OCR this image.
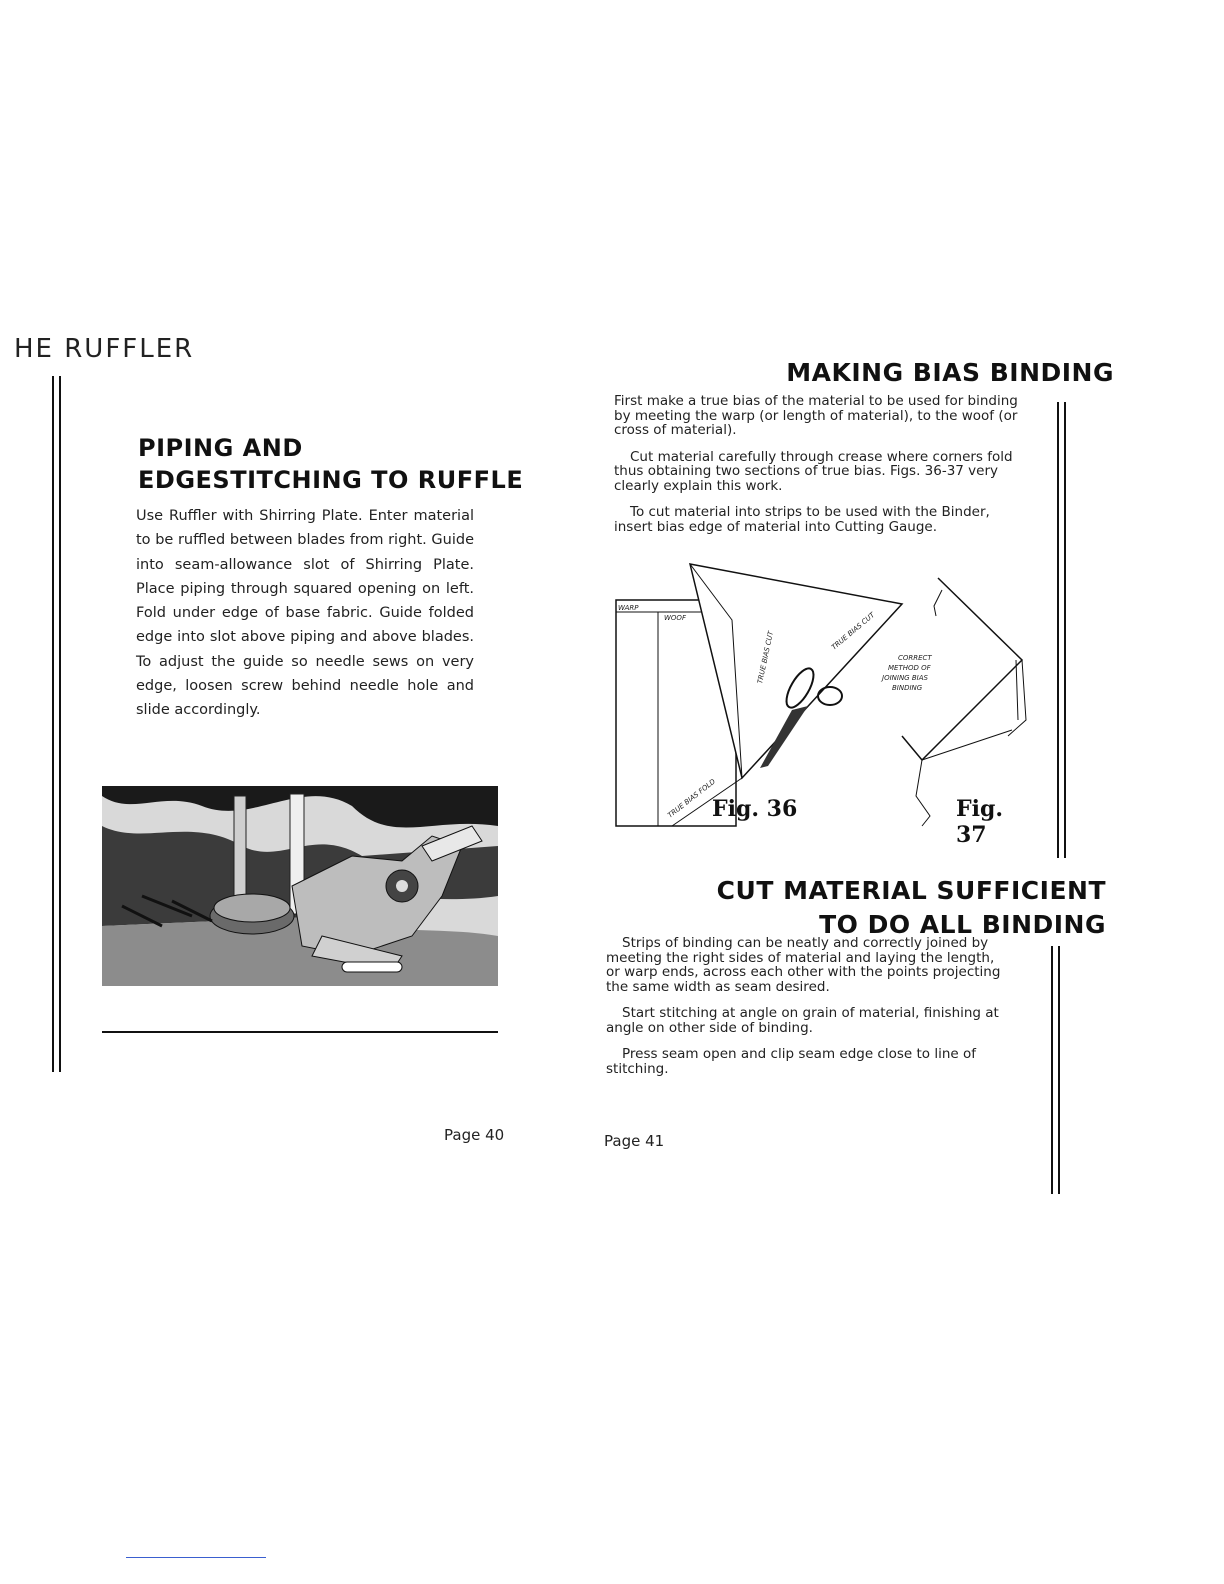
HE RUFFLER
PIPING AND
EDGESTITCHING TO RUFFLE
Use Ruffler with Shirring Plate. Enter material to be ruffled between blades from right. Guide into seam-allowance slot of Shirring Plate. Place piping through squared opening on left. Fold under edge of base fabric. Guide folded edge into slot above piping and above blades. To adjust the guide so needle sews on very edge, loosen screw behind needle hole and slide accordingly.
Page 40
MAKING BIAS BINDING

First make a true bias of the material to be used for binding by meeting the warp (or length of material), to the woof (or cross of material).

Cut material carefully through crease where corners fold thus obtaining two sections of true bias. Figs. 36-37 very clearly explain this work.

To cut material into strips to be used with the Binder, insert bias edge of material into Cutting Gauge.

WARP
WOOF
TRUE BIAS CUT	TRUE BIAS CUT
TRUE BIAS FOLD
CORRECT
METHOD OF
JOINING BIAS
BINDING
Fig. 36	Fig. 37
CUT MATERIAL SUFFICIENT
TO DO ALL BINDING

Strips of binding can be neatly and correctly joined by meeting the right sides of material and laying the length, or warp ends, across each other with the points projecting the same width as seam desired.

Start stitching at angle on grain of material, finishing at angle on other side of binding.

Press seam open and clip seam edge close to line of stitching.

Page 41
